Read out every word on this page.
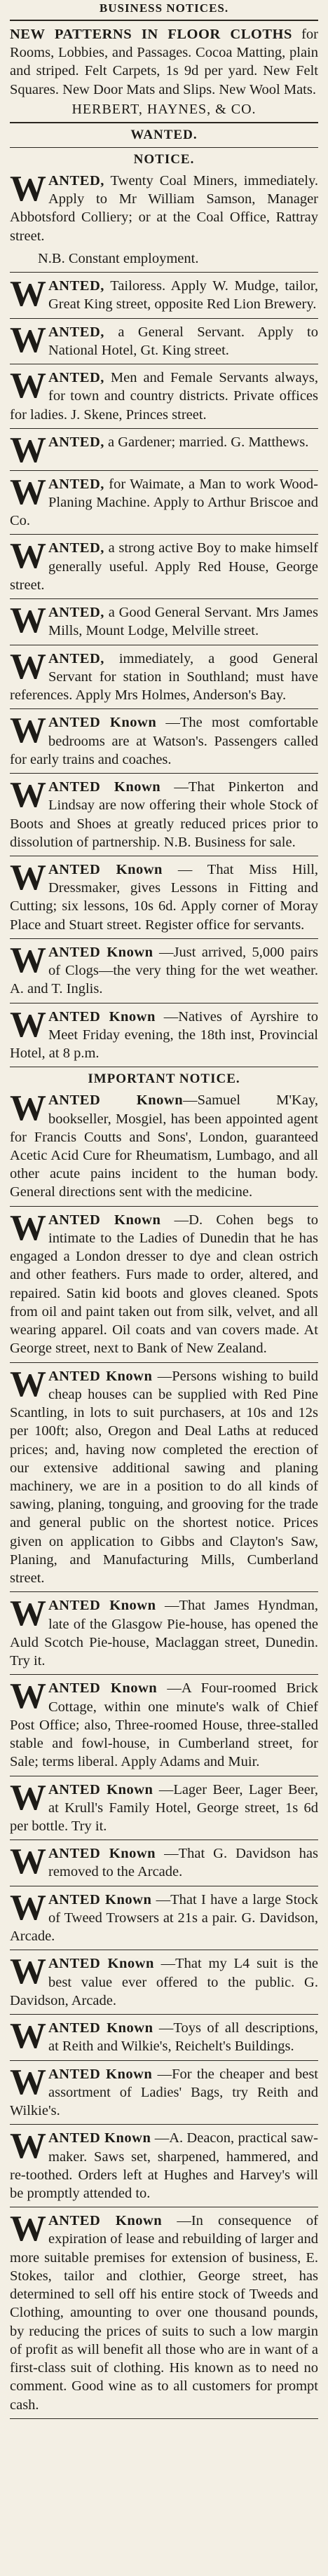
BUSINESS NOTICES.

NEW PATTERNS IN FLOOR CLOTHS for Rooms, Lobbies, and Passages. Cocoa Matting, plain and striped. Felt Carpets, 1s 9d per yard. New Felt Squares. New Door Mats and Slips. New Wool Mats.

HERBERT, HAYNES, & CO.
WANTED.
NOTICE.
W ANTED, Twenty Coal Miners, immediately. Apply to Mr William Samson, Manager Abbotsford Colliery; or at the Coal Office, Rattray street.

N.B. Constant employment.

W ANTED, Tailoress. Apply W. Mudge, tailor, Great King street, opposite Red Lion Brewery.

W ANTED, a General Servant. Apply to National Hotel, Gt. King street.

W ANTED, Men and Female Servants always, for town and country districts. Private offices for ladies. J. Skene, Princes street.

W ANTED, a Gardener; married. G. Matthews.

W ANTED, for Waimate, a Man to work Wood-Planing Machine. Apply to Arthur Briscoe and Co.

W ANTED, a strong active Boy to make himself generally useful. Apply Red House, George street.

W ANTED, a Good General Servant. Mrs James Mills, Mount Lodge, Melville street.

W ANTED, immediately, a good General Servant for station in Southland; must have references. Apply Mrs Holmes, Anderson's Bay.

W ANTED Known —The most comfortable bedrooms are at Watson's. Passengers called for early trains and coaches.

W ANTED Known —That Pinkerton and Lindsay are now offering their whole Stock of Boots and Shoes at greatly reduced prices prior to dissolution of partnership. N.B. Business for sale.

W ANTED Known — That Miss Hill, Dressmaker, gives Lessons in Fitting and Cutting; six lessons, 10s 6d. Apply corner of Moray Place and Stuart street. Register office for servants.

W ANTED Known —Just arrived, 5,000 pairs of Clogs—the very thing for the wet weather. A. and T. Inglis.

W ANTED Known —Natives of Ayrshire to Meet Friday evening, the 18th inst, Provincial Hotel, at 8 p.m.

IMPORTANT NOTICE.
W ANTED Known—Samuel M'Kay, bookseller, Mosgiel, has been appointed agent for Francis Coutts and Sons', London, guaranteed Acetic Acid Cure for Rheumatism, Lumbago, and all other acute pains incident to the human body. General directions sent with the medicine.

W ANTED Known —D. Cohen begs to intimate to the Ladies of Dunedin that he has engaged a London dresser to dye and clean ostrich and other feathers. Furs made to order, altered, and repaired. Satin kid boots and gloves cleaned. Spots from oil and paint taken out from silk, velvet, and all wearing apparel. Oil coats and van covers made. At George street, next to Bank of New Zealand.

W ANTED Known —Persons wishing to build cheap houses can be supplied with Red Pine Scantling, in lots to suit purchasers, at 10s and 12s per 100ft; also, Oregon and Deal Laths at reduced prices; and, having now completed the erection of our extensive additional sawing and planing machinery, we are in a position to do all kinds of sawing, planing, tonguing, and grooving for the trade and general public on the shortest notice. Prices given on application to Gibbs and Clayton's Saw, Planing, and Manufacturing Mills, Cumberland street.

W ANTED Known —That James Hyndman, late of the Glasgow Pie-house, has opened the Auld Scotch Pie-house, Maclaggan street, Dunedin. Try it.

W ANTED Known —A Four-roomed Brick Cottage, within one minute's walk of Chief Post Office; also, Three-roomed House, three-stalled stable and fowl-house, in Cumberland street, for Sale; terms liberal. Apply Adams and Muir.

W ANTED Known —Lager Beer, Lager Beer, at Krull's Family Hotel, George street, 1s 6d per bottle. Try it.

W ANTED Known —That G. Davidson has removed to the Arcade.

W ANTED Known —That I have a large Stock of Tweed Trowsers at 21s a pair. G. Davidson, Arcade.

W ANTED Known —That my L4 suit is the best value ever offered to the public. G. Davidson, Arcade.

W ANTED Known —Toys of all descriptions, at Reith and Wilkie's, Reichelt's Buildings.

W ANTED Known —For the cheaper and best assortment of Ladies' Bags, try Reith and Wilkie's.

W ANTED Known —A. Deacon, practical saw-maker. Saws set, sharpened, hammered, and re-toothed. Orders left at Hughes and Harvey's will be promptly attended to.

W ANTED Known —In consequence of expiration of lease and rebuilding of larger and more suitable premises for extension of business, E. Stokes, tailor and clothier, George street, has determined to sell off his entire stock of Tweeds and Clothing, amounting to over one thousand pounds, by reducing the prices of suits to such a low margin of profit as will benefit all those who are in want of a first-class suit of clothing. His known as to need no comment. Good wine as to all customers for prompt cash.
